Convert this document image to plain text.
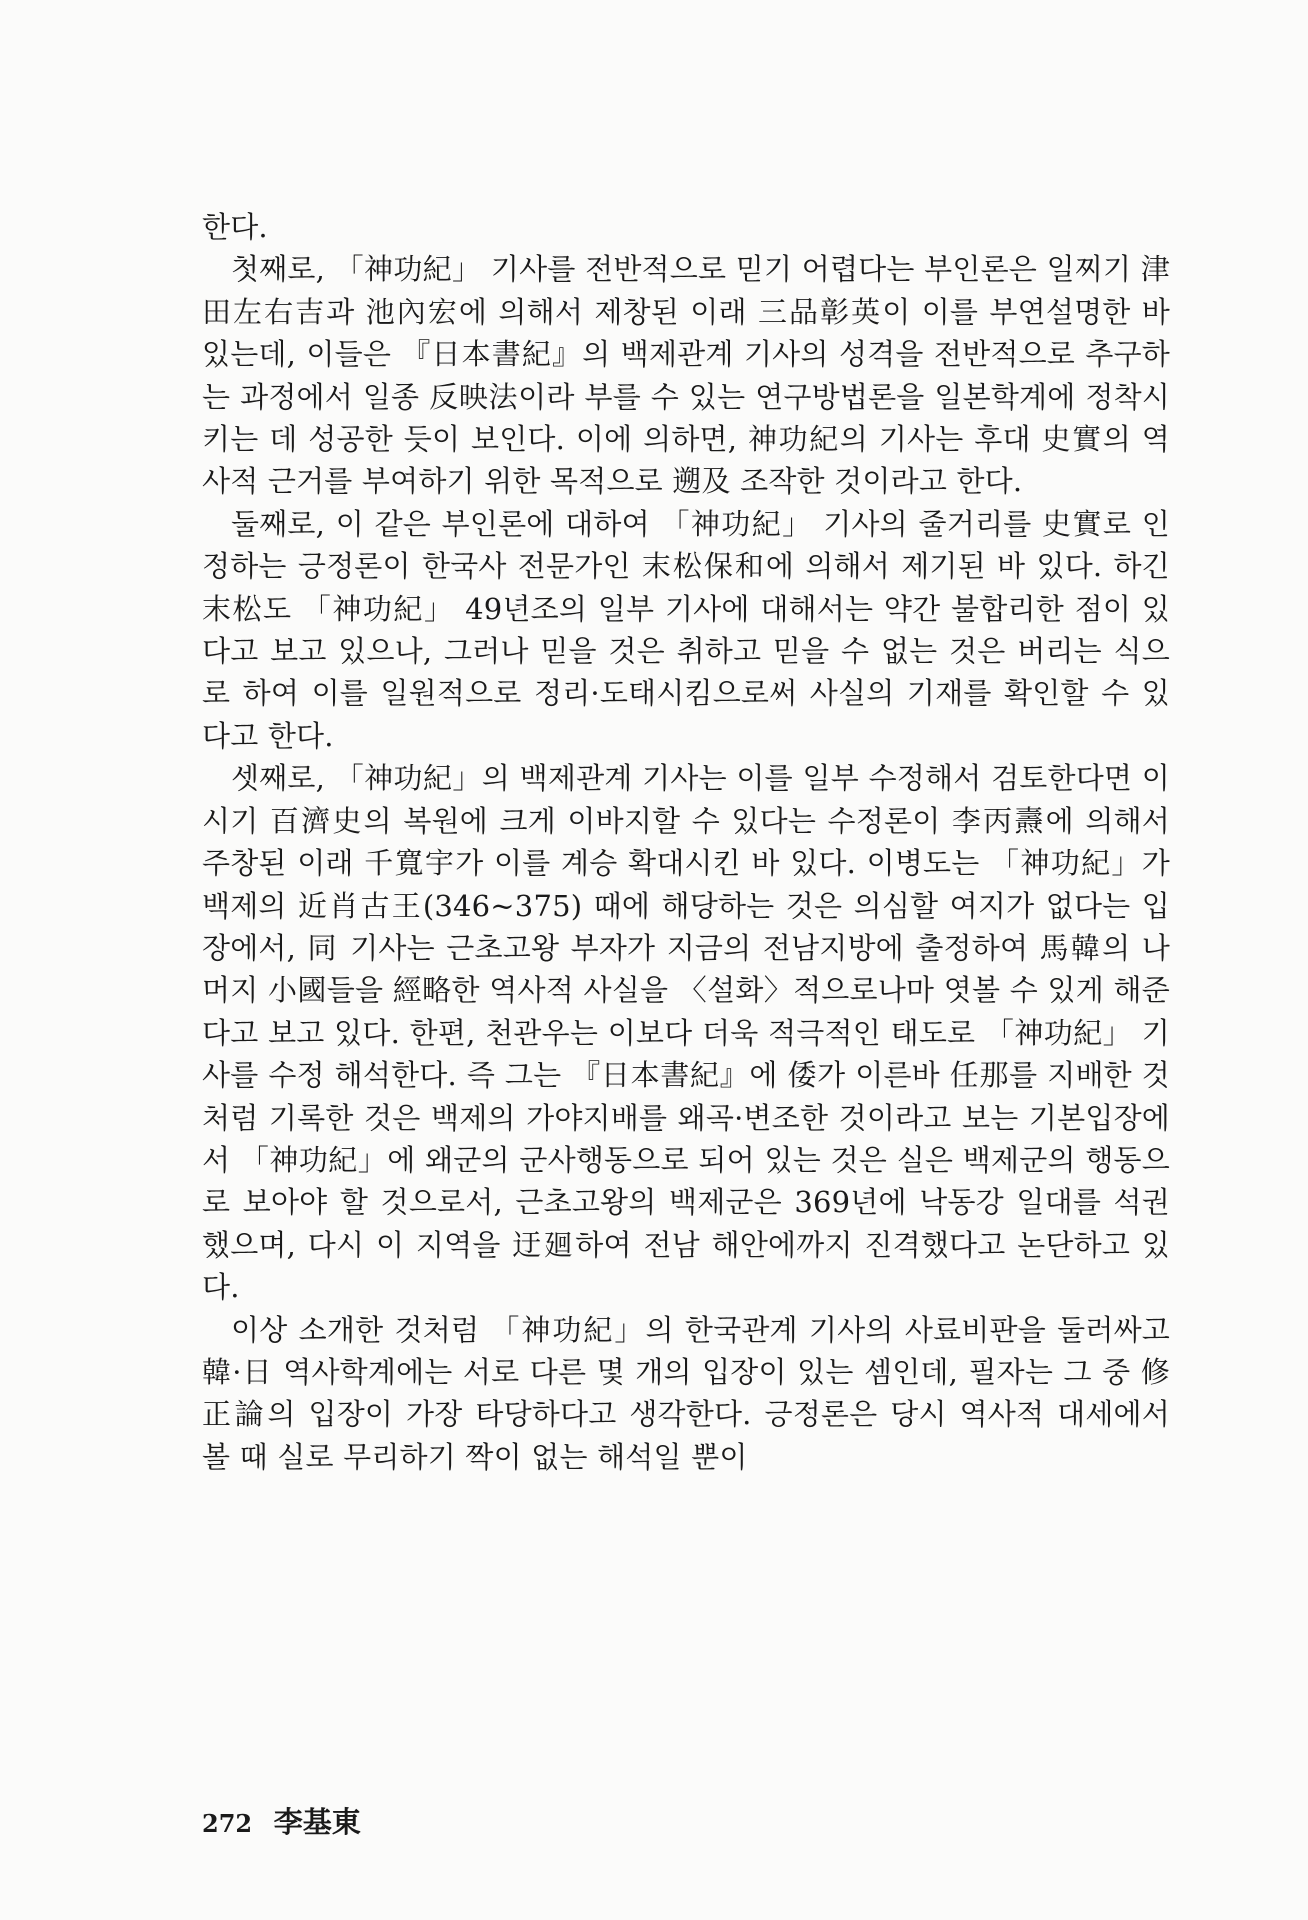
한다.

첫째로, 「神功紀」 기사를 전반적으로 믿기 어렵다는 부인론은 일찌기 津田左右吉과 池內宏에 의해서 제창된 이래 三品彰英이 이를 부연설명한 바 있는데, 이들은 『日本書紀』의 백제관계 기사의 성격을 전반적으로 추구하는 과정에서 일종 反映法이라 부를 수 있는 연구방법론을 일본학계에 정착시키는 데 성공한 듯이 보인다. 이에 의하면, 神功紀의 기사는 후대 史實의 역사적 근거를 부여하기 위한 목적으로 遡及 조작한 것이라고 한다.

둘째로, 이 같은 부인론에 대하여 「神功紀」 기사의 줄거리를 史實로 인정하는 긍정론이 한국사 전문가인 末松保和에 의해서 제기된 바 있다. 하긴 末松도 「神功紀」 49년조의 일부 기사에 대해서는 약간 불합리한 점이 있다고 보고 있으나, 그러나 믿을 것은 취하고 믿을 수 없는 것은 버리는 식으로 하여 이를 일원적으로 정리·도태시킴으로써 사실의 기재를 확인할 수 있다고 한다.

셋째로, 「神功紀」의 백제관계 기사는 이를 일부 수정해서 검토한다면 이 시기 百濟史의 복원에 크게 이바지할 수 있다는 수정론이 李丙燾에 의해서 주창된 이래 千寬宇가 이를 계승 확대시킨 바 있다. 이병도는 「神功紀」가 백제의 近肖古王(346~375) 때에 해당하는 것은 의심할 여지가 없다는 입장에서, 同 기사는 근초고왕 부자가 지금의 전남지방에 출정하여 馬韓의 나머지 小國들을 經略한 역사적 사실을 〈설화〉적으로나마 엿볼 수 있게 해준다고 보고 있다. 한편, 천관우는 이보다 더욱 적극적인 태도로 「神功紀」 기사를 수정 해석한다. 즉 그는 『日本書紀』에 倭가 이른바 任那를 지배한 것처럼 기록한 것은 백제의 가야지배를 왜곡·변조한 것이라고 보는 기본입장에서 「神功紀」에 왜군의 군사행동으로 되어 있는 것은 실은 백제군의 행동으로 보아야 할 것으로서, 근초고왕의 백제군은 369년에 낙동강 일대를 석권했으며, 다시 이 지역을 迂廻하여 전남 해안에까지 진격했다고 논단하고 있다.

이상 소개한 것처럼 「神功紀」의 한국관계 기사의 사료비판을 둘러싸고 韓·日 역사학계에는 서로 다른 몇 개의 입장이 있는 셈인데, 필자는 그 중 修正論의 입장이 가장 타당하다고 생각한다. 긍정론은 당시 역사적 대세에서 볼 때 실로 무리하기 짝이 없는 해석일 뿐이

272 李基東
